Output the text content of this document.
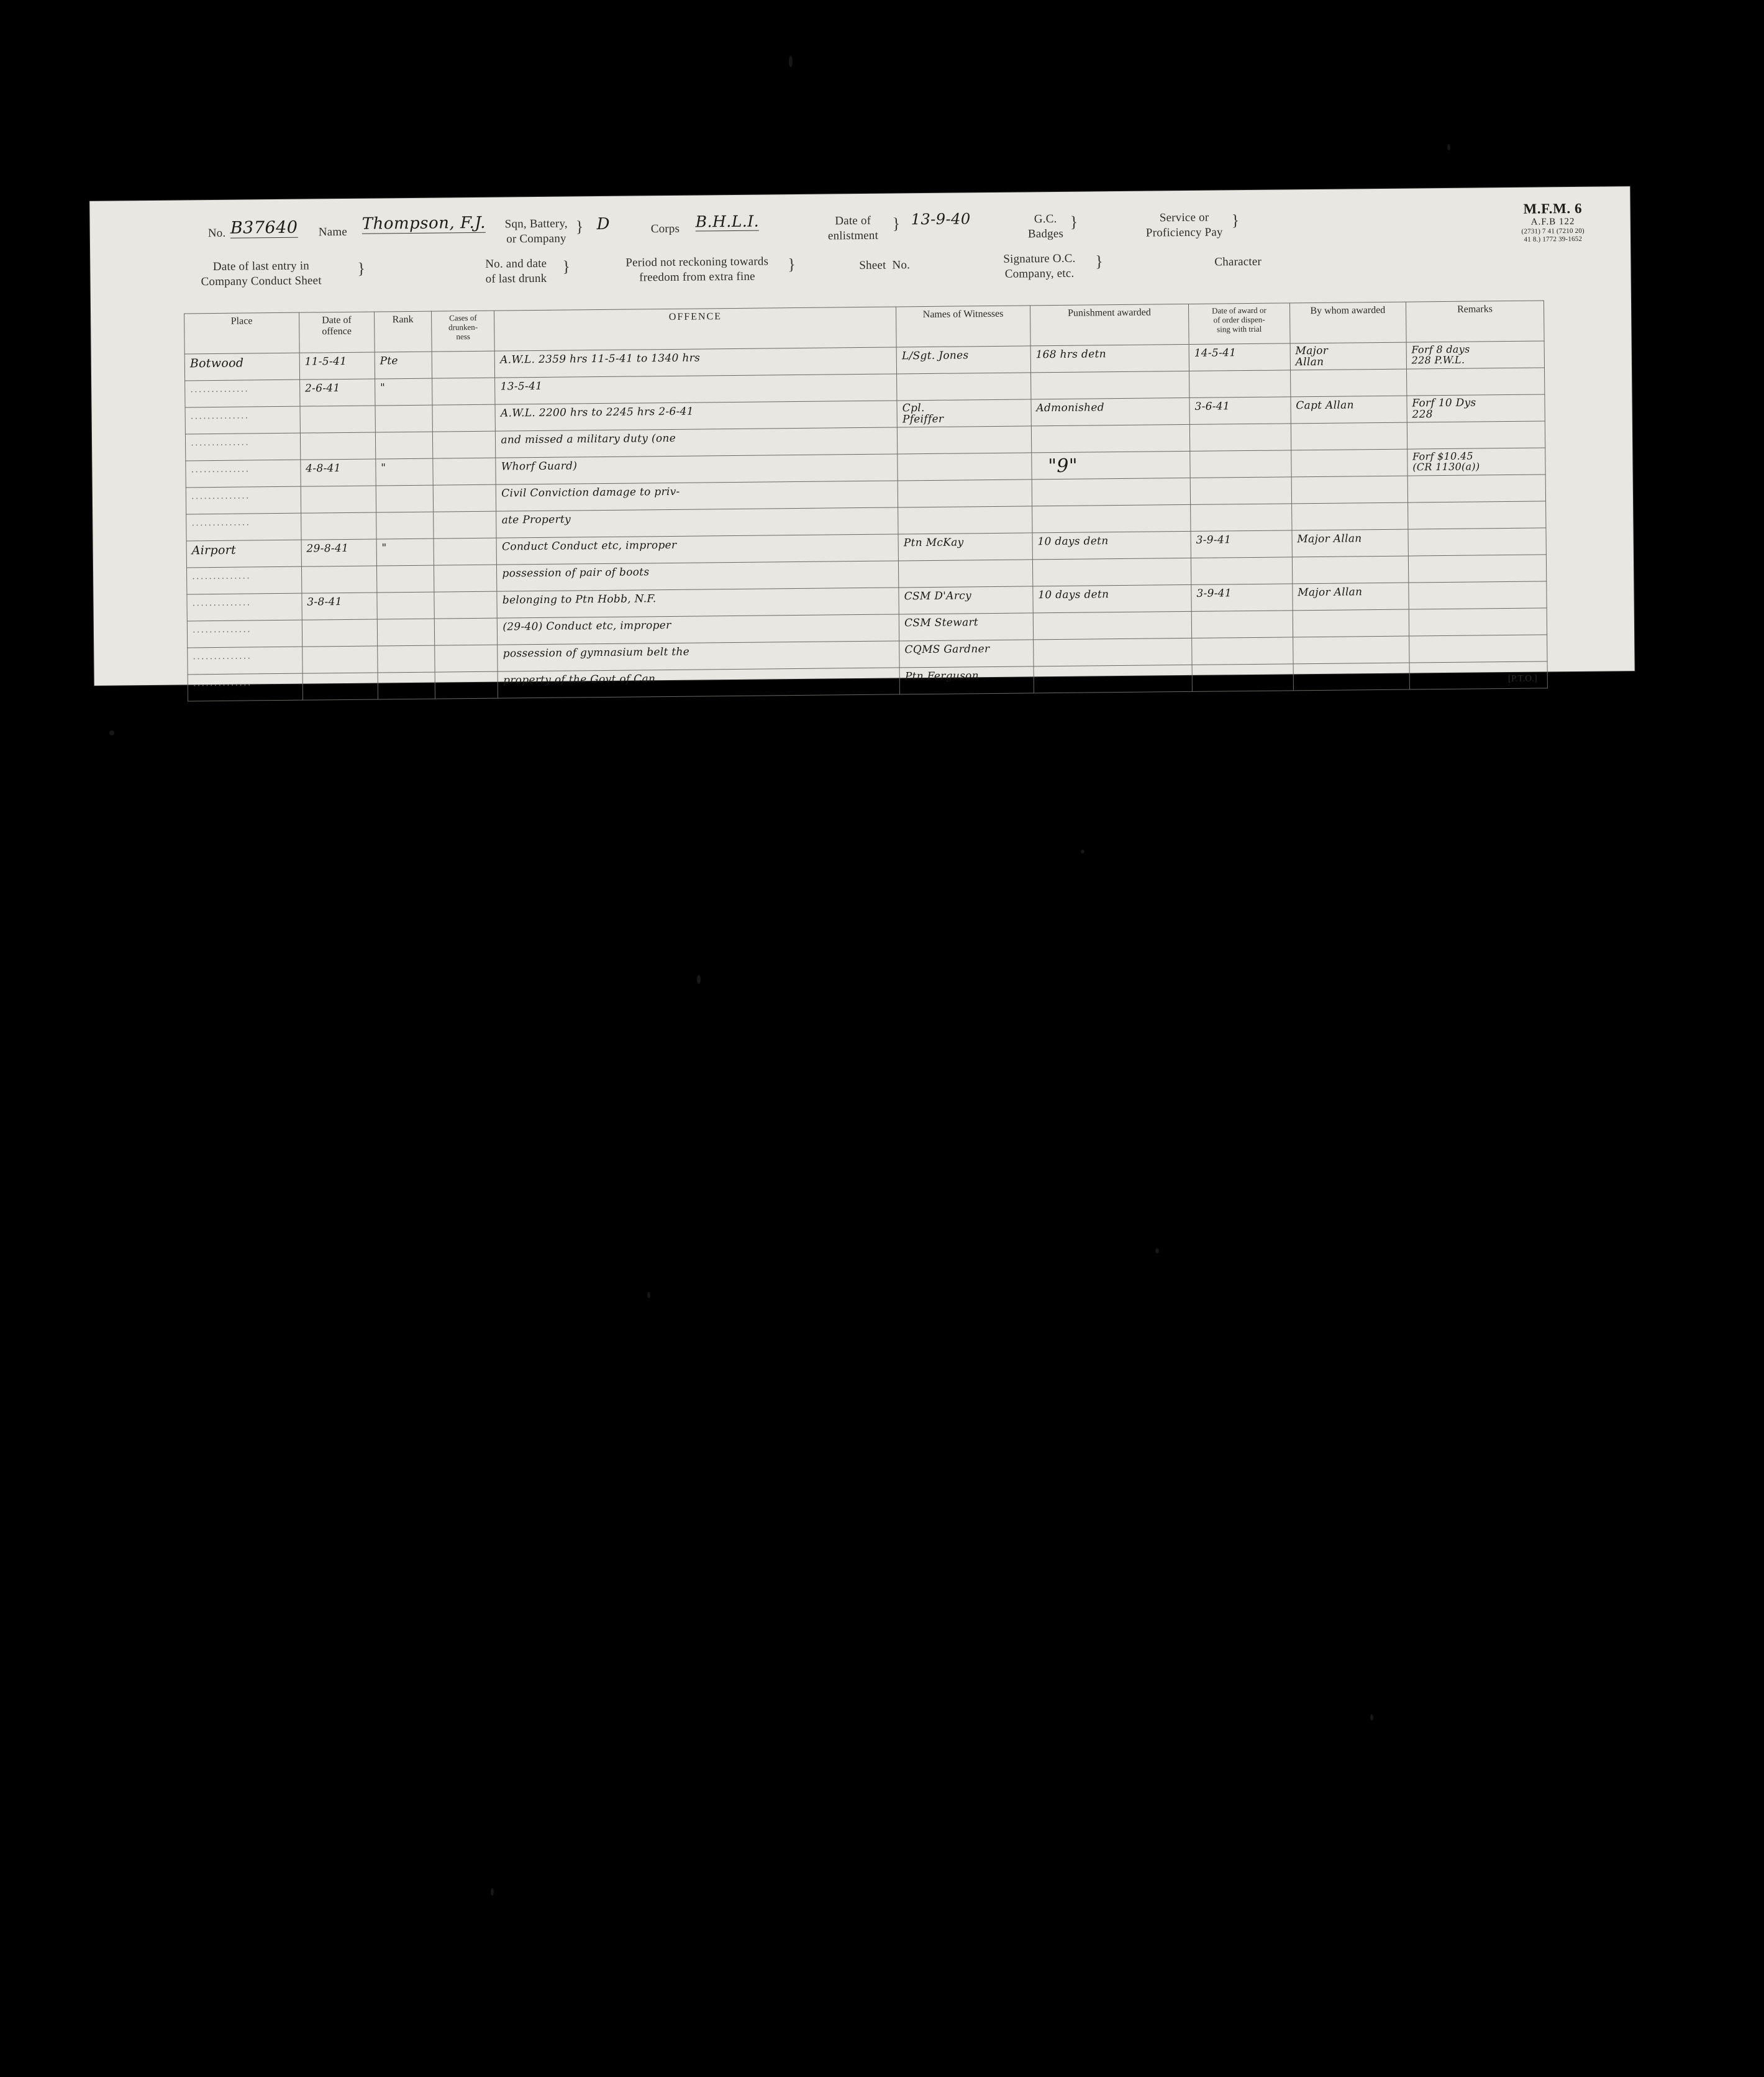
No. B37640 Name Thompson, F.J. Sqn, Battery,
or Company
} D	Corps B.H.L.I.	Date of
enlistment
} 13-9-40	G.C.
Badges
}	Service or
Proficiency Pay
}
M.F.M. 6
A.F.B 122
(2731) 7 41 (7210 20)
41 8.) 1772 39-1652
Date of last entry in
Company Conduct Sheet
}	No. and date
of last drunk
}	Period not reckoning towards
freedom from extra fine
}	Sheet  No.	Signature O.C.
Company, etc.
}	Character
Place	Date of
offence	Rank	Cases of
drunken-
ness	OFFENCE	Names of Witnesses	Punishment awarded	Date of award or
of order dispen-
sing with trial	By whom awarded	Remarks

Botwood	11-5-41	Pte		A.W.L. 2359 hrs 11-5-41 to 1340 hrs	L/Sgt. Jones	168 hrs detn	14-5-41	Major
Allan	Forf 8 days
228 P.W.L.

..............	2-6-41	"		13-5-41					

..............				A.W.L. 2200 hrs to 2245 hrs 2-6-41	Cpl.
Pfeiffer	Admonished	3-6-41	Capt Allan	Forf 10 Dys
228

..............				and missed a military duty (one					

..............	4-8-41	"		Whorf Guard)		"9"			Forf $10.45
(CR 1130(a))

..............				Civil Conviction damage to priv-					

..............				ate Property					

Airport	29-8-41	"		Conduct Conduct etc, improper	Ptn McKay	10 days detn	3-9-41	Major Allan	

..............				possession of pair of boots					

..............	3-8-41			belonging to Ptn Hobb, N.F.	CSM D'Arcy	10 days detn	3-9-41	Major Allan	

..............				(29-40) Conduct etc, improper	CSM Stewart				

..............				possession of gymnasium belt the	CQMS Gardner				

..............				property of the Govt of Can	Ptn Ferguson				[P.T.O.]
